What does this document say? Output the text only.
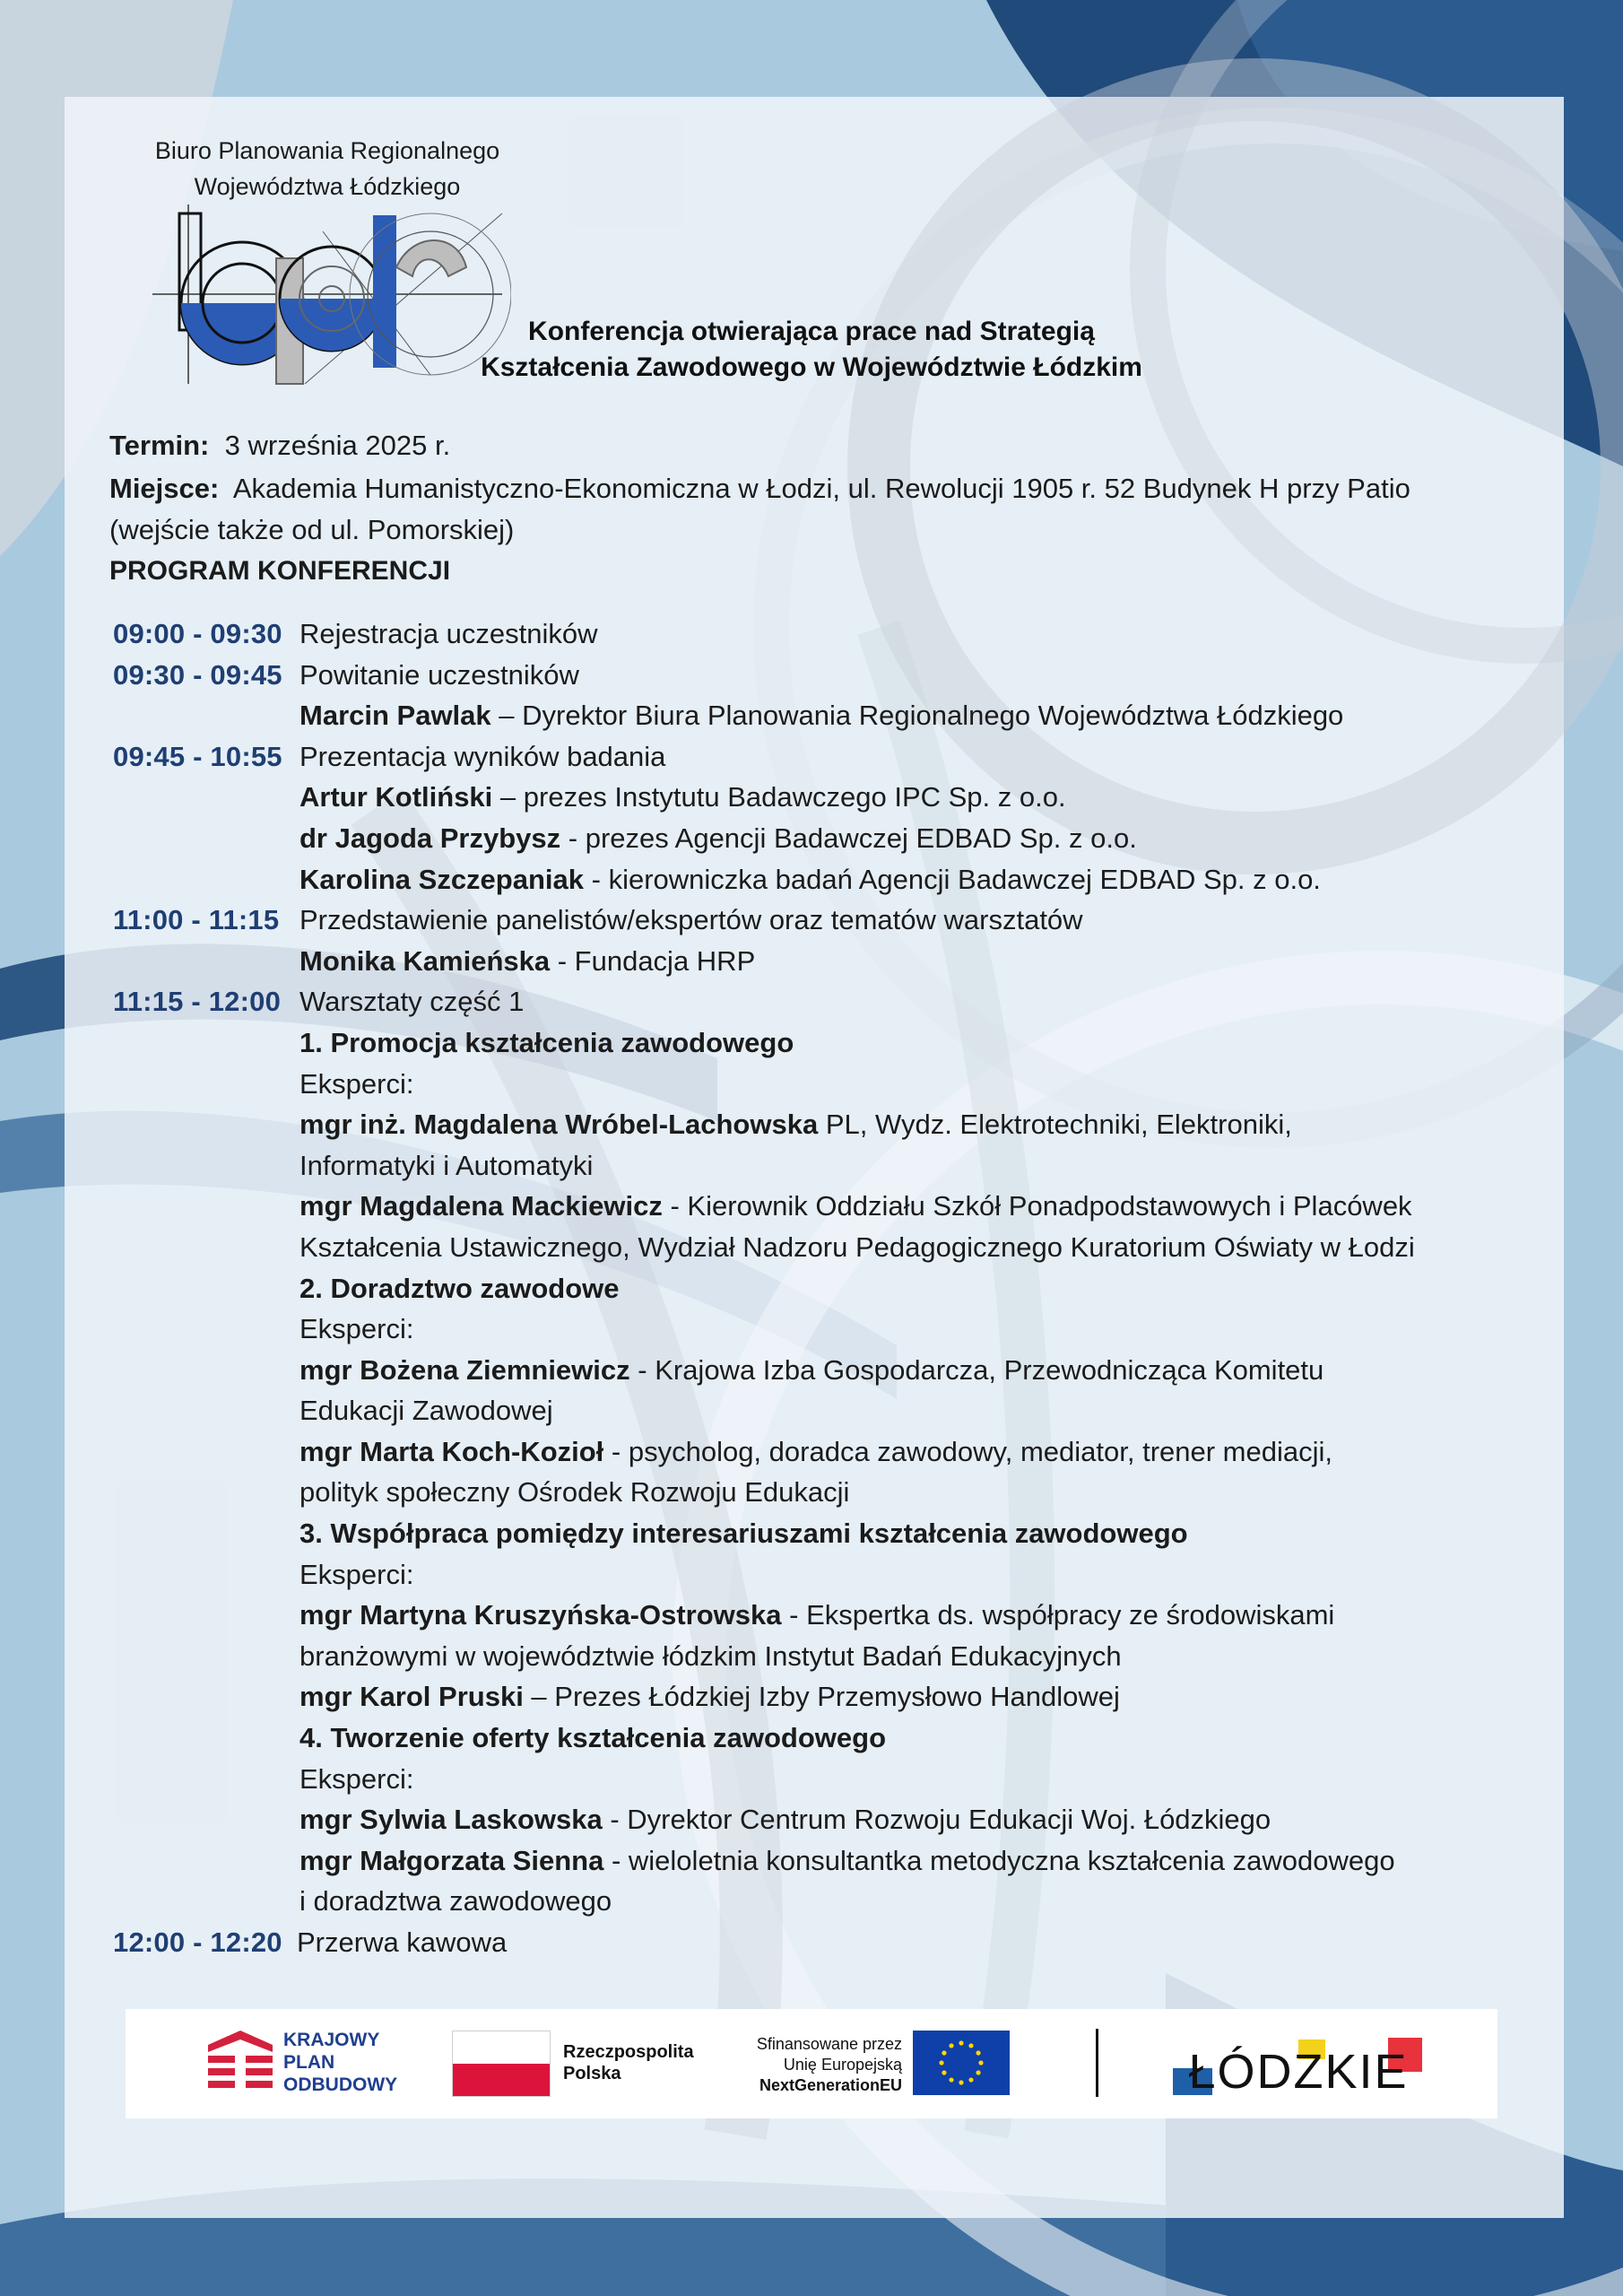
Biuro Planowania Regionalnego
Województwa Łódzkiego
Konferencja otwierająca prace nad Strategią
Kształcenia Zawodowego w Województwie Łódzkim

Termin: 3 września 2025 r.

Miejsce: Akademia Humanistyczno-Ekonomiczna w Łodzi, ul. Rewolucji 1905 r. 52 Budynek H przy Patio

(wejście także od ul. Pomorskiej)

PROGRAM KONFERENCJI

09:00 - 09:30 Rejestracja uczestników
09:30 - 09:45 Powitanie uczestników
Marcin Pawlak – Dyrektor Biura Planowania Regionalnego Województwa Łódzkiego
09:45 - 10:55 Prezentacja wyników badania
Artur Kotliński – prezes Instytutu Badawczego IPC Sp. z o.o.
dr Jagoda Przybysz - prezes Agencji Badawczej EDBAD Sp. z o.o.
Karolina Szczepaniak - kierowniczka badań Agencji Badawczej EDBAD Sp. z o.o.
11:00 - 11:15 Przedstawienie panelistów/ekspertów oraz tematów warsztatów
Monika Kamieńska - Fundacja HRP
11:15 - 12:00 Warsztaty część 1
1. Promocja kształcenia zawodowego
Eksperci:
mgr inż. Magdalena Wróbel-Lachowska PL, Wydz. Elektrotechniki, Elektroniki,
Informatyki i Automatyki
mgr Magdalena Mackiewicz - Kierownik Oddziału Szkół Ponadpodstawowych i Placówek
Kształcenia Ustawicznego, Wydział Nadzoru Pedagogicznego Kuratorium Oświaty w Łodzi
2. Doradztwo zawodowe
Eksperci:
mgr Bożena Ziemniewicz - Krajowa Izba Gospodarcza, Przewodnicząca Komitetu
Edukacji Zawodowej
mgr Marta Koch-Kozioł - psycholog, doradca zawodowy, mediator, trener mediacji,
polityk społeczny Ośrodek Rozwoju Edukacji
3. Współpraca pomiędzy interesariuszami kształcenia zawodowego
Eksperci:
mgr Martyna Kruszyńska-Ostrowska - Ekspertka ds. współpracy ze środowiskami
branżowymi w województwie łódzkim Instytut Badań Edukacyjnych
mgr Karol Pruski – Prezes Łódzkiej Izby Przemysłowo Handlowej
4. Tworzenie oferty kształcenia zawodowego
Eksperci:
mgr Sylwia Laskowska - Dyrektor Centrum Rozwoju Edukacji Woj. Łódzkiego
mgr Małgorzata Sienna - wieloletnia konsultantka metodyczna kształcenia zawodowego
i doradztwa zawodowego
12:00 - 12:20 Przerwa kawowa
KRAJOWY
PLAN
ODBUDOWY
Rzeczpospolita
Polska
Sfinansowane przez
Unię Europejską
NextGenerationEU	ŁÓDZKIE
